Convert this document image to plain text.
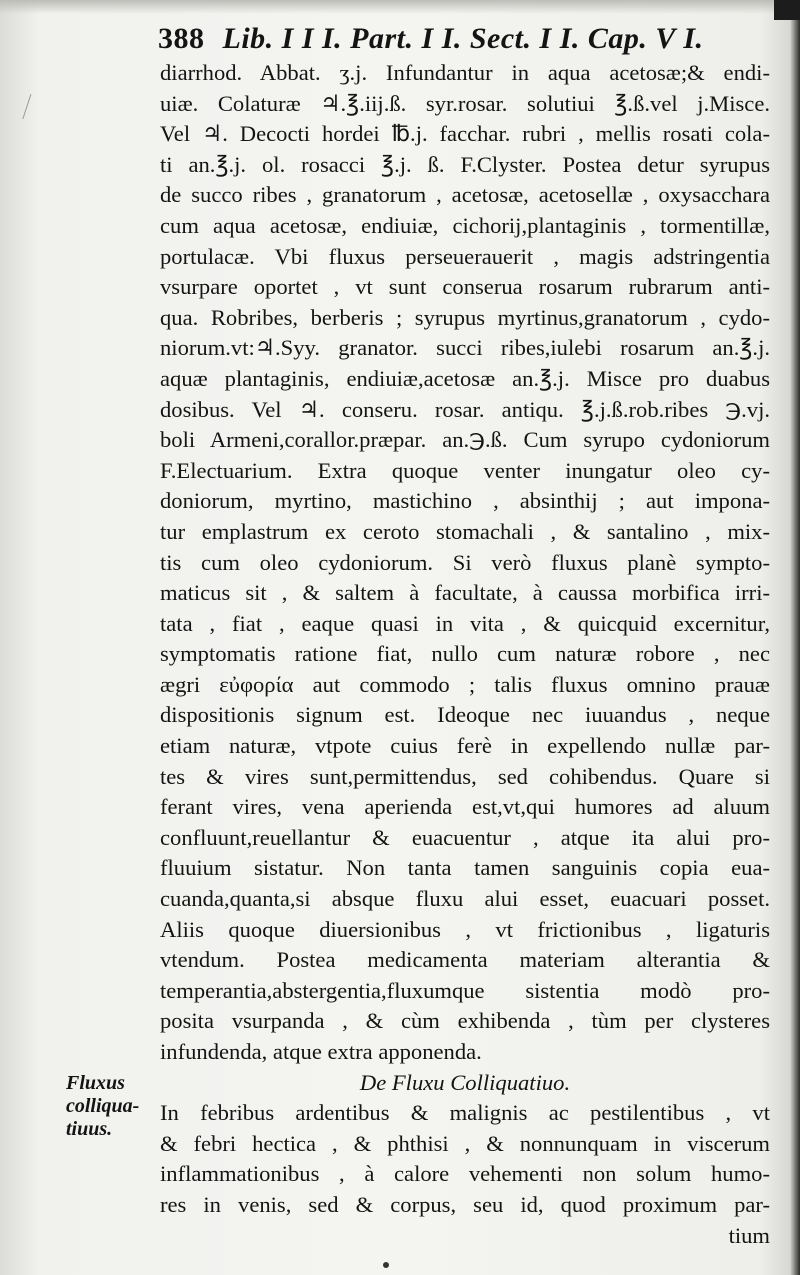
388 Lib. I I I. Part. I I. Sect. I I. Cap. V I.
diarrhod. Abbat. ʒ.j. Infundantur in aqua acetosæ;& endi-
uiæ. Colaturæ ♃.℥.iij.ß. syr.rosar. solutiui ℥.ß.vel j.Misce.
Vel ♃. Decocti hordei ℔.j. facchar. rubri , mellis rosati cola-
ti an.℥.j. ol. rosacci ℥.j. ß. F.Clyster. Postea detur syrupus
de succo ribes , granatorum , acetosæ, acetosellæ , oxysacchara
cum aqua acetosæ, endiuiæ, cichorij,plantaginis , tormentillæ,
portulacæ. Vbi fluxus perseuerauerit , magis adstringentia
vsurpare oportet , vt sunt conserua rosarum rubrarum anti-
qua. Robribes, berberis ; syrupus myrtinus,granatorum , cydo-
niorum.vt:♃.Syy. granator. succi ribes,iulebi rosarum an.℥.j.
aquæ plantaginis, endiuiæ,acetosæ an.℥.j. Misce pro duabus
dosibus. Vel ♃. conseru. rosar. antiqu. ℥.j.ß.rob.ribes ℈.vj.
boli Armeni,corallor.præpar. an.℈.ß. Cum syrupo cydoniorum
F.Electuarium. Extra quoque venter inungatur oleo cy-
doniorum, myrtino, mastichino , absinthij ; aut imponа-
tur emplastrum ex ceroto stomachali , & santalino , mix-
tis cum oleo cydoniorum. Si verò fluxus planè sympto-
maticus sit , & saltem à facultate, à caussa morbifica irri-
tata , fiat , eaque quasi in vita , & quicquid excernitur,
symptomatis ratione fiat, nullo cum naturæ robore , nec
ægri εὐφορία aut commodo ; talis fluxus omnino prauæ
dispositionis signum est. Ideoque nec iuuandus , neque
etiam naturæ, vtpote cuius ferè in expellendo nullæ par-
tes & vires sunt,permittendus, sed cohibendus. Quare si
ferant vires, vena aperienda est,vt,qui humores ad aluum
confluunt,reuellantur & euacuentur , atque ita alui pro-
fluuium sistatur. Non tanta tamen sanguinis copia eua-
cuanda,quanta,si absque fluxu alui esset, euacuari posset.
Aliis quoque diuersionibus , vt frictionibus , ligaturis
vtendum. Postea medicamenta materiam alterantia &
temperantia,abstergentia,fluxumque sistentia modò pro-
posita vsurpanda , & cùm exhibenda , tùm per clysteres
infundenda, atque extra apponenda.
De Fluxu Colliquatiuo.
In febribus ardentibus & malignis ac pestilentibus , vt
& febri hectica , & phthisi , & nonnunquam in viscerum
inflammationibus , à calore vehementi non solum humo-
res in venis, sed & corpus, seu id, quod proximum par-
tium
Fluxus
colliqua-
tiuus.
